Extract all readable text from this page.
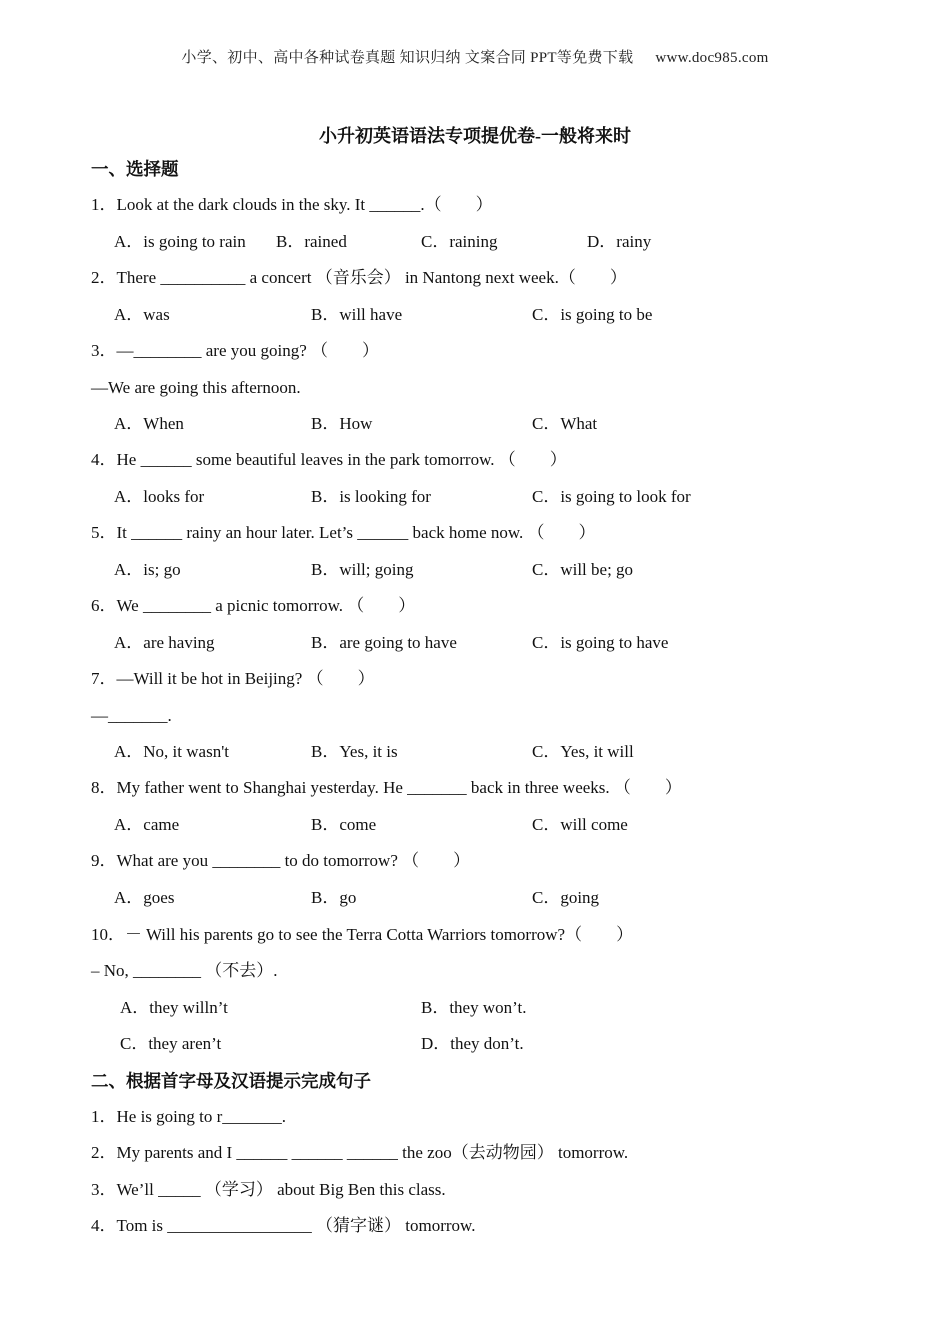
小学、初中、高中各种试卷真题 知识归纳 文案合同 PPT等免费下载 www.doc985.com
小升初英语语法专项提优卷-一般将来时
一、选择题
1．Look at the dark clouds in the sky. It ______.（　　）
A．is going to rain B．rained	C．raining	D．rainy
2．There __________ a concert （音乐会） in Nantong next week.（　　）
A．was	B．will have	C．is going to be
3．—________ are you going? （　　）
—We are going this afternoon.
A．When	B．How	C．What
4．He ______ some beautiful leaves in the park tomorrow. （　　）
A．looks for	B．is looking for	C．is going to look for
5．It ______ rainy an hour later. Let’s ______ back home now. （　　）
A．is; go	B．will; going	C．will be; go
6．We ________ a picnic tomorrow. （　　）
A．are having	B．are going to have	C．is going to have
7．—Will it be hot in Beijing? （　　）
—_______.
A．No, it wasn't	B．Yes, it is	C．Yes, it will
8．My father went to Shanghai yesterday. He _______ back in three weeks. （　　）
A．came	B．come	C．will come
9．What are you ________ to do tomorrow? （　　）
A．goes	B．go	C．going
10．－ Will his parents go to see the Terra Cotta Warriors tomorrow?（　　）
– No, ________ （不去）.
A．they willn’t	B．they won’t.
C．they aren’t	D．they don’t.
二、根据首字母及汉语提示完成句子
1．He is going to r_______.
2．My parents and I ______ ______ ______ the zoo（去动物园） tomorrow.
3．We’ll _____ （学习） about Big Ben this class.
4．Tom is _________________ （猜字谜） tomorrow.
